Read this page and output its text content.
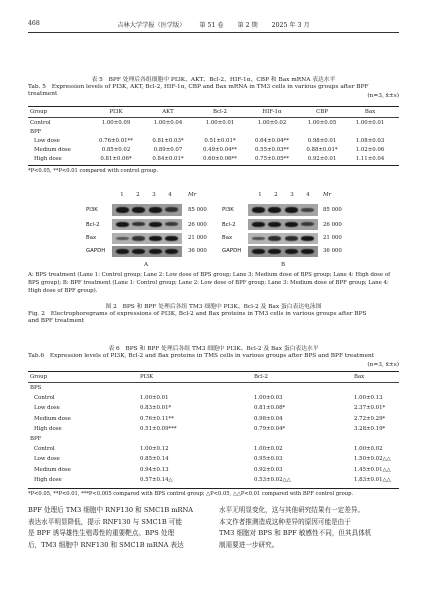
468	吉林大学学报（医学版） 第 51 卷 第 2 期 2025 年 3 月
表 5　BPF 处理后各组细胞中 PI3K、AKT、Bcl-2、HIF-1α、CBP 和 Bax mRNA 表达水平
Tab. 5　Expression levels of PI3K, AKT, Bcl-2, HIF-1α, CBP and Bax mRNA in TM3 cells in various groups after BPF
treatment	(n=3, x̄±s)
Group	PI3K	AKT	Bcl-2	HIF-1α	CBP	Bax
Control	1.00±0.09	1.00±0.04	1.00±0.01	1.00±0.02	1.00±0.05	1.00±0.01
BPF
Low dose	0.76±0.01**	0.81±0.03*	0.51±0.01*	0.64±0.04**	0.98±0.01	1.08±0.03
Medium dose	0.85±0.02	0.89±0.07	0.49±0.04**	0.55±0.03**	0.88±0.01*	1.02±0.06
High dose	0.81±0.06*	0.84±0.01*	0.60±0.06**	0.75±0.05**	0.92±0.01	1.11±0.04
*P<0.05, **P<0.01 compared with control group.
1	2	3	4	Mr
PI3K
Bcl-2
Bax
GAPDH
85 000
26 000
21 000
36 000
A
1	2	3	4	Mr
PI3K
Bcl-2
Bax
GAPDH
85 000
26 000
21 000
36 000
B
A: BPS treatment (Lane 1: Control group; Lane 2: Low dose of BPS group; Lane 3: Medium dose of BPS group; Lane 4: High dose of
BPS group); B: BPF treatment (Lane 1: Control group; Lane 2: Low dose of BPF group; Lane 3: Medium dose of BPF group; Lane 4:
High dose of BPF group).
图 2　BPS 和 BPF 处理后各组 TM3 细胞中 PI3K、Bcl-2 及 Bax 蛋白表达电泳图
Fig. 2　Electrophoregrams of expressions of PI3K, Bcl-2 and Bax proteins in TM3 cells in various groups after BPS
and BPF treatment
表 6　BPS 和 BPF 处理后各组 TM3 细胞中 PI3K、Bcl-2 及 Bax 蛋白表达水平
Tab.6　Expression levels of PI3K, Bcl-2 and Bax proteins in TMS cells in various groups after BPS and BPF treatment
(n=3, x̄±s)
Group	PI3K	Bcl-2	Bax
BPS
Control	1.00±0.01	1.00±0.03	1.00±0.13
Low dose	0.83±0.01*	0.81±0.08*	2.37±0.01*
Medium dose	0.76±0.11**	0.98±0.04	2.72±0.29*
High dose	0.51±0.09***	0.79±0.04*	3.28±0.19*
BPF
Control	1.00±0.12	1.00±0.02	1.00±0.02
Low dose	0.85±0.14	0.95±0.03	1.50±0.02△△
Medium dose	0.94±0.13	0.92±0.03	1.45±0.01△△
High dose	0.57±0.14△	0.53±0.02△△	1.83±0.01△△
*P<0.05, **P<0.01, ***P<0.005 compared with BPS control group; △P<0.05, △△P<0.01 compared with BPF control group.
BPF 处理后 TM3 细胞中 RNF130 和 SMC1B mRNA
表达水平明显降低，提示 RNF130 与 SMC1B 可能
是 BPF 诱导雄性生殖毒性的重要靶点。BPS 处理
后，TM3 细胞中 RNF130 和 SMC1B mRNA 表达
水平无明显变化，这与其他研究结果有一定差异。
本文作者推测造成这种差异的原因可能是由于
TM3 细胞对 BPS 和 BPF 敏感性不同，但其具体机
制需要进一步研究。
